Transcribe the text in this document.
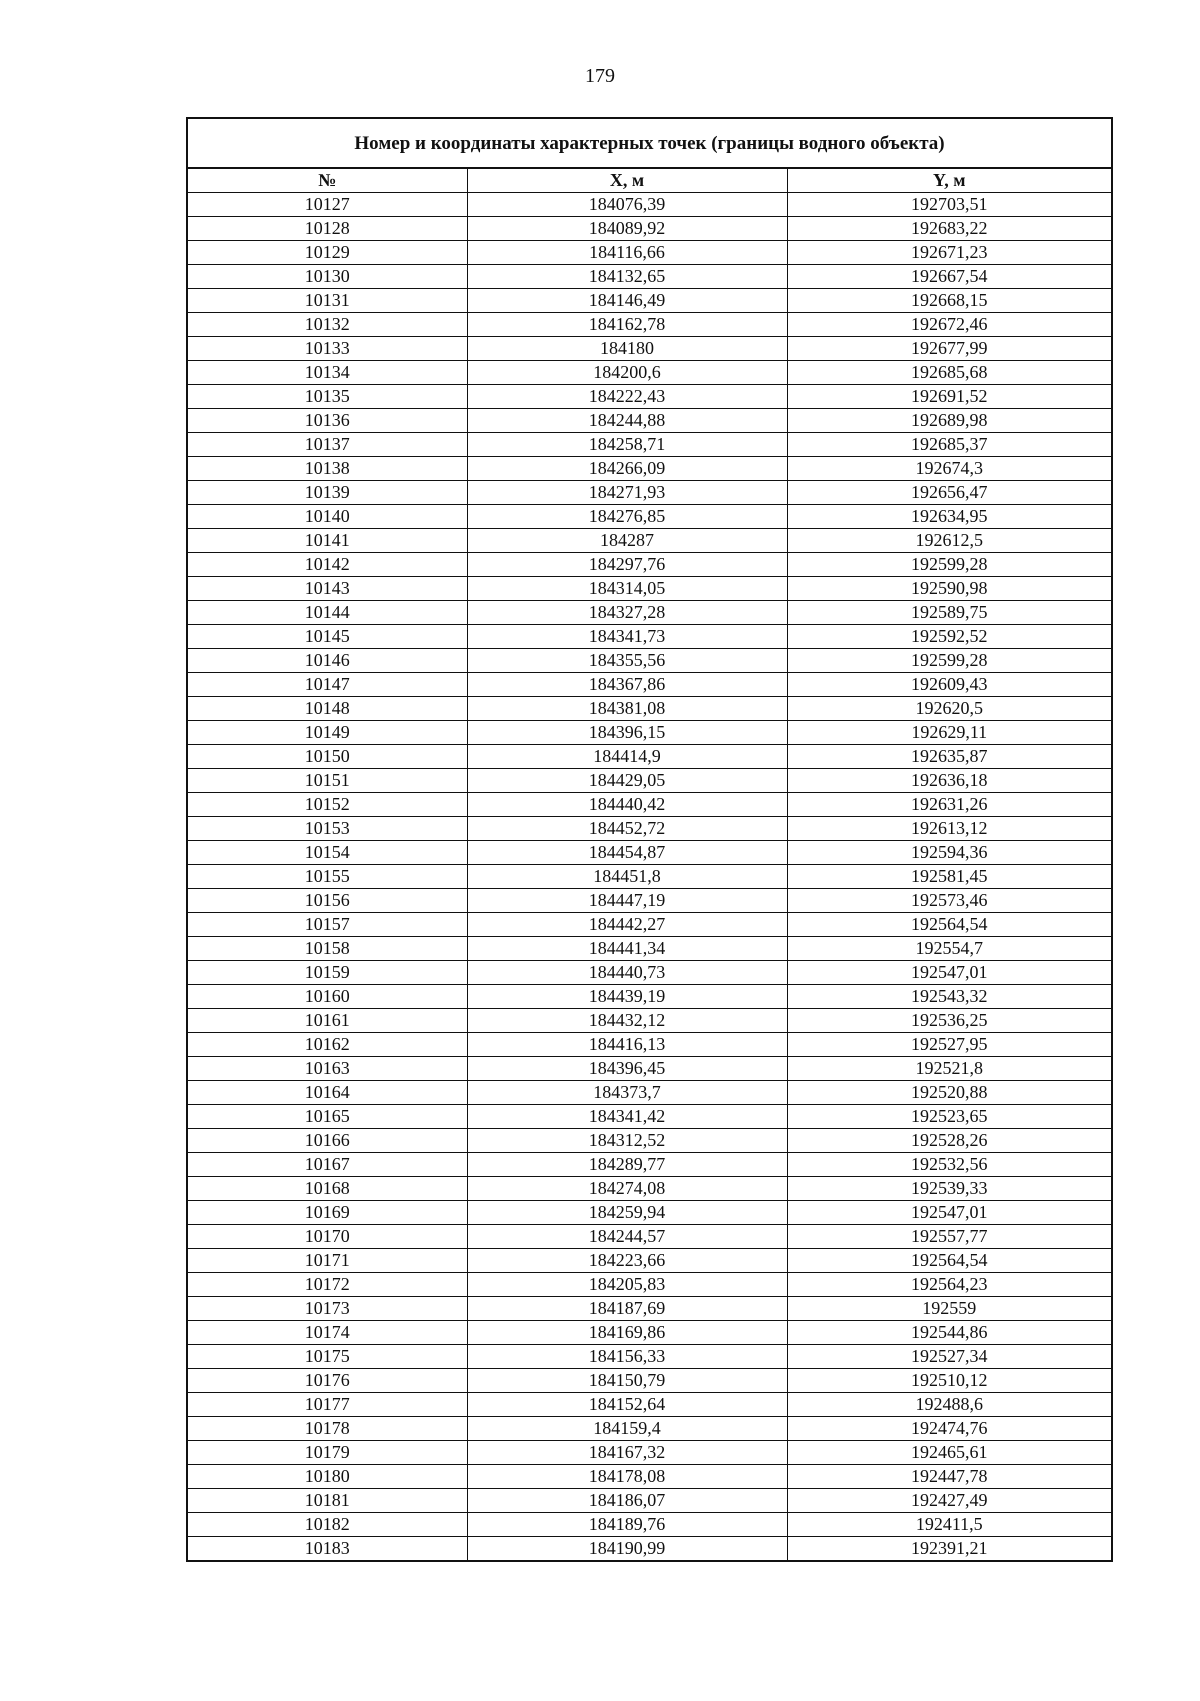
179
Номер и координаты характерных точек (границы водного объекта)
№	X, м	Y, м
10127	184076,39	192703,51
10128	184089,92	192683,22
10129	184116,66	192671,23
10130	184132,65	192667,54
10131	184146,49	192668,15
10132	184162,78	192672,46
10133	184180	192677,99
10134	184200,6	192685,68
10135	184222,43	192691,52
10136	184244,88	192689,98
10137	184258,71	192685,37
10138	184266,09	192674,3
10139	184271,93	192656,47
10140	184276,85	192634,95
10141	184287	192612,5
10142	184297,76	192599,28
10143	184314,05	192590,98
10144	184327,28	192589,75
10145	184341,73	192592,52
10146	184355,56	192599,28
10147	184367,86	192609,43
10148	184381,08	192620,5
10149	184396,15	192629,11
10150	184414,9	192635,87
10151	184429,05	192636,18
10152	184440,42	192631,26
10153	184452,72	192613,12
10154	184454,87	192594,36
10155	184451,8	192581,45
10156	184447,19	192573,46
10157	184442,27	192564,54
10158	184441,34	192554,7
10159	184440,73	192547,01
10160	184439,19	192543,32
10161	184432,12	192536,25
10162	184416,13	192527,95
10163	184396,45	192521,8
10164	184373,7	192520,88
10165	184341,42	192523,65
10166	184312,52	192528,26
10167	184289,77	192532,56
10168	184274,08	192539,33
10169	184259,94	192547,01
10170	184244,57	192557,77
10171	184223,66	192564,54
10172	184205,83	192564,23
10173	184187,69	192559
10174	184169,86	192544,86
10175	184156,33	192527,34
10176	184150,79	192510,12
10177	184152,64	192488,6
10178	184159,4	192474,76
10179	184167,32	192465,61
10180	184178,08	192447,78
10181	184186,07	192427,49
10182	184189,76	192411,5
10183	184190,99	192391,21
